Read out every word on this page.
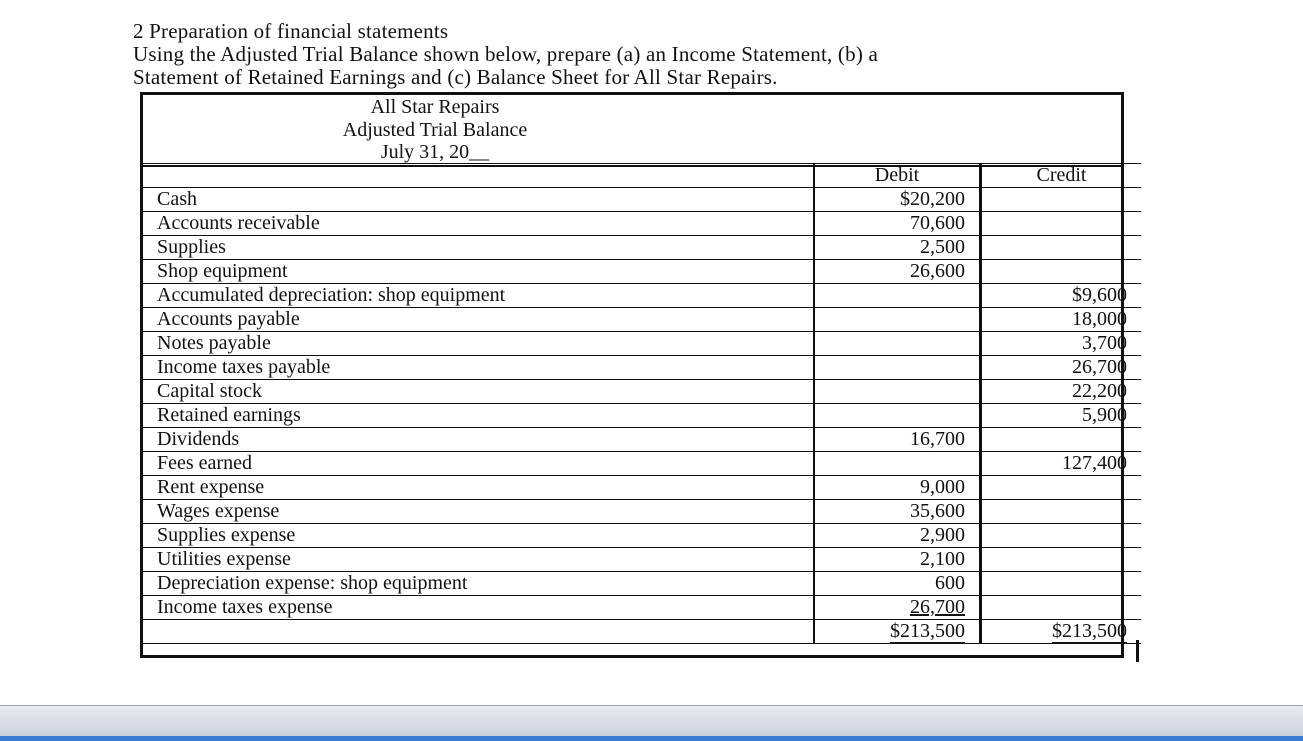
2 Preparation of financial statements
Using the Adjusted Trial Balance shown below, prepare (a) an Income Statement, (b) a
Statement of Retained Earnings and (c) Balance Sheet for All Star Repairs.
All Star Repairs
Adjusted Trial Balance
July 31, 20__
	Debit	Credit
Cash	$20,200	
Accounts receivable	70,600	
Supplies	2,500	
Shop equipment	26,600	
Accumulated depreciation: shop equipment		$9,600
Accounts payable		18,000
Notes payable		3,700
Income taxes payable		26,700
Capital stock		22,200
Retained earnings		5,900
Dividends	16,700	
Fees earned		127,400
Rent expense	9,000	
Wages expense	35,600	
Supplies expense	2,900	
Utilities expense	2,100	
Depreciation expense: shop equipment	600	
Income taxes expense	26,700	
	$213,500	$213,500
